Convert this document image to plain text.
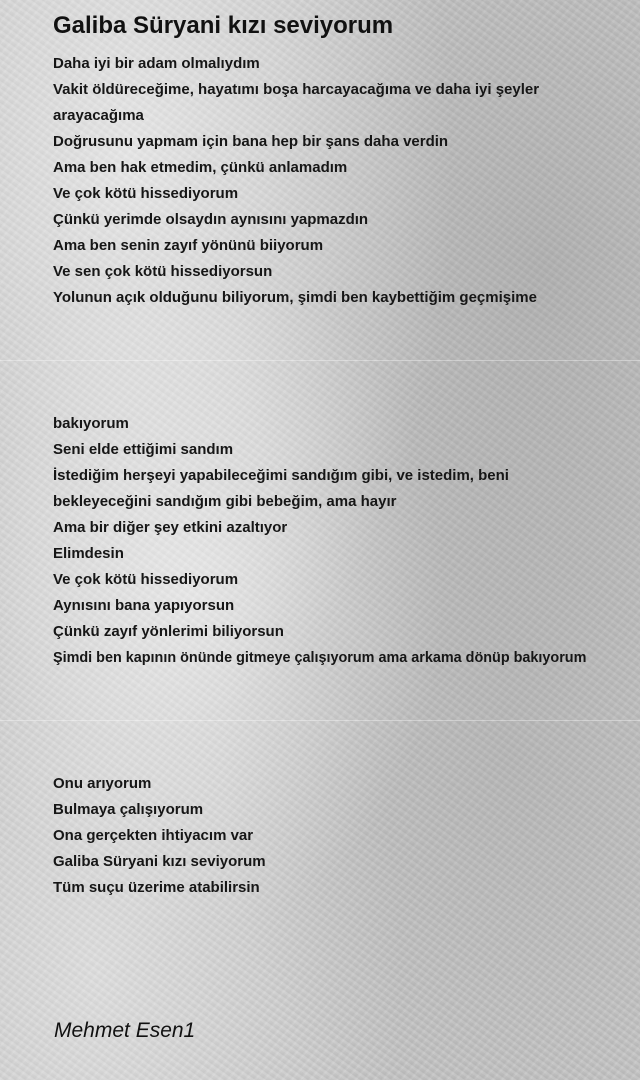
Galiba Süryani kızı seviyorum
Daha iyi bir adam olmalıydım
Vakit öldüreceğime, hayatımı boşa harcayacağıma ve daha iyi şeyler
arayacağıma
Doğrusunu yapmam için bana hep bir şans daha verdin
Ama ben hak etmedim, çünkü anlamadım
Ve çok kötü hissediyorum
Çünkü yerimde olsaydın aynısını yapmazdın
Ama ben senin zayıf yönünü biiyorum
Ve sen çok kötü hissediyorsun
Yolunun açık olduğunu biliyorum, şimdi ben kaybettiğim geçmişime
bakıyorum
Seni elde ettiğimi sandım
İstediğim herşeyi yapabileceğimi sandığım gibi, ve istedim, beni
bekleyeceğini sandığım gibi bebeğim, ama hayır
Ama bir diğer şey etkini azaltıyor
Elimdesin
Ve çok kötü hissediyorum
Aynısını bana yapıyorsun
Çünkü zayıf yönlerimi biliyorsun
Şimdi ben kapının önünde gitmeye çalışıyorum ama arkama dönüp bakıyorum
Onu arıyorum
Bulmaya çalışıyorum
Ona gerçekten ihtiyacım var
Galiba Süryani kızı seviyorum
Tüm suçu üzerime atabilirsin
Mehmet Esen1
